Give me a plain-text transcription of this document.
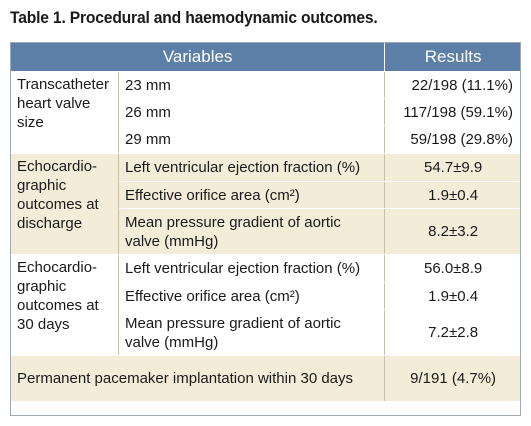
Table 1. Procedural and haemodynamic outcomes.
Variables		Results
Transcatheter heart valve size	23 mm	22/198 (11.1%)
	26 mm	117/198 (59.1%)
	29 mm	59/198 (29.8%)
Echocardio-graphic outcomes at discharge	Left ventricular ejection fraction (%)	54.7±9.9
	Effective orifice area (cm²)	1.9±0.4
	Mean pressure gradient of aortic valve (mmHg)	8.2±3.2
Echocardio-graphic outcomes at 30 days	Left ventricular ejection fraction (%)	56.0±8.9
	Effective orifice area (cm²)	1.9±0.4
	Mean pressure gradient of aortic valve (mmHg)	7.2±2.8
Permanent pacemaker implantation within 30 days		9/191 (4.7%)
